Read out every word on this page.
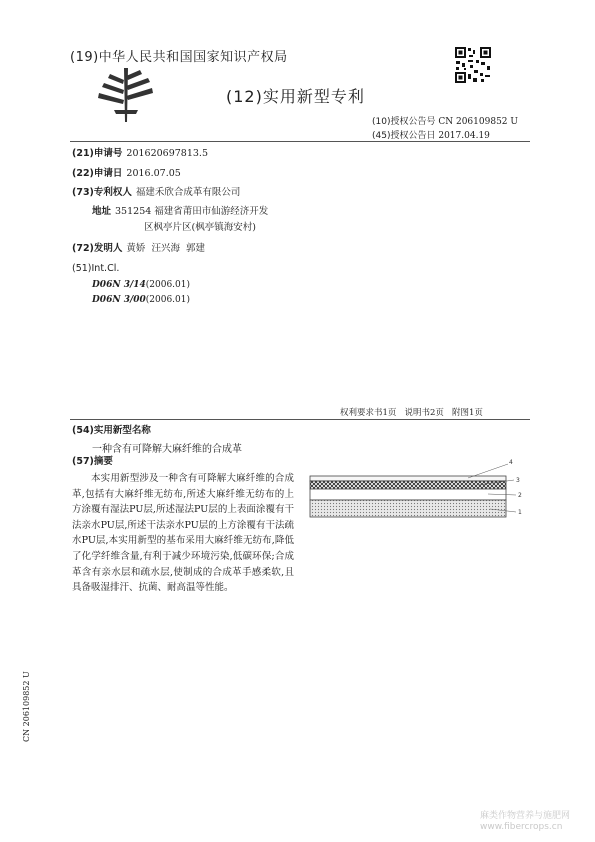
(19)中华人民共和国国家知识产权局
(12)实用新型专利
(10)授权公告号 CN 206109852 U
(45)授权公告日 2017.04.19
(21)申请号 201620697813.5
(22)申请日 2016.07.05
(73)专利权人 福建禾欣合成革有限公司
地址 351254 福建省莆田市仙游经济开发
区枫亭片区(枫亭镇海安村)
(72)发明人 黄娇  汪兴海  郭建
(51)Int.Cl.
D06N 3/14(2006.01)
D06N 3/00(2006.01)
权利要求书1页   说明书2页   附图1页
(54)实用新型名称
一种含有可降解大麻纤维的合成革
(57)摘要
本实用新型涉及一种含有可降解大麻纤维的合成革,包括有大麻纤维无纺布,所述大麻纤维无纺布的上方涂覆有湿法PU层,所述湿法PU层的上表面涂覆有干法亲水PU层,所述干法亲水PU层的上方涂覆有干法疏水PU层,本实用新型的基布采用大麻纤维无纺布,降低了化学纤维含量,有利于减少环境污染,低碳环保;合成革含有亲水层和疏水层,使制成的合成革手感柔软,且具备吸湿排汗、抗菌、耐高温等性能。
4
3
2
1
CN 206109852 U
麻类作物营养与施肥网
www.fibercrops.cn
